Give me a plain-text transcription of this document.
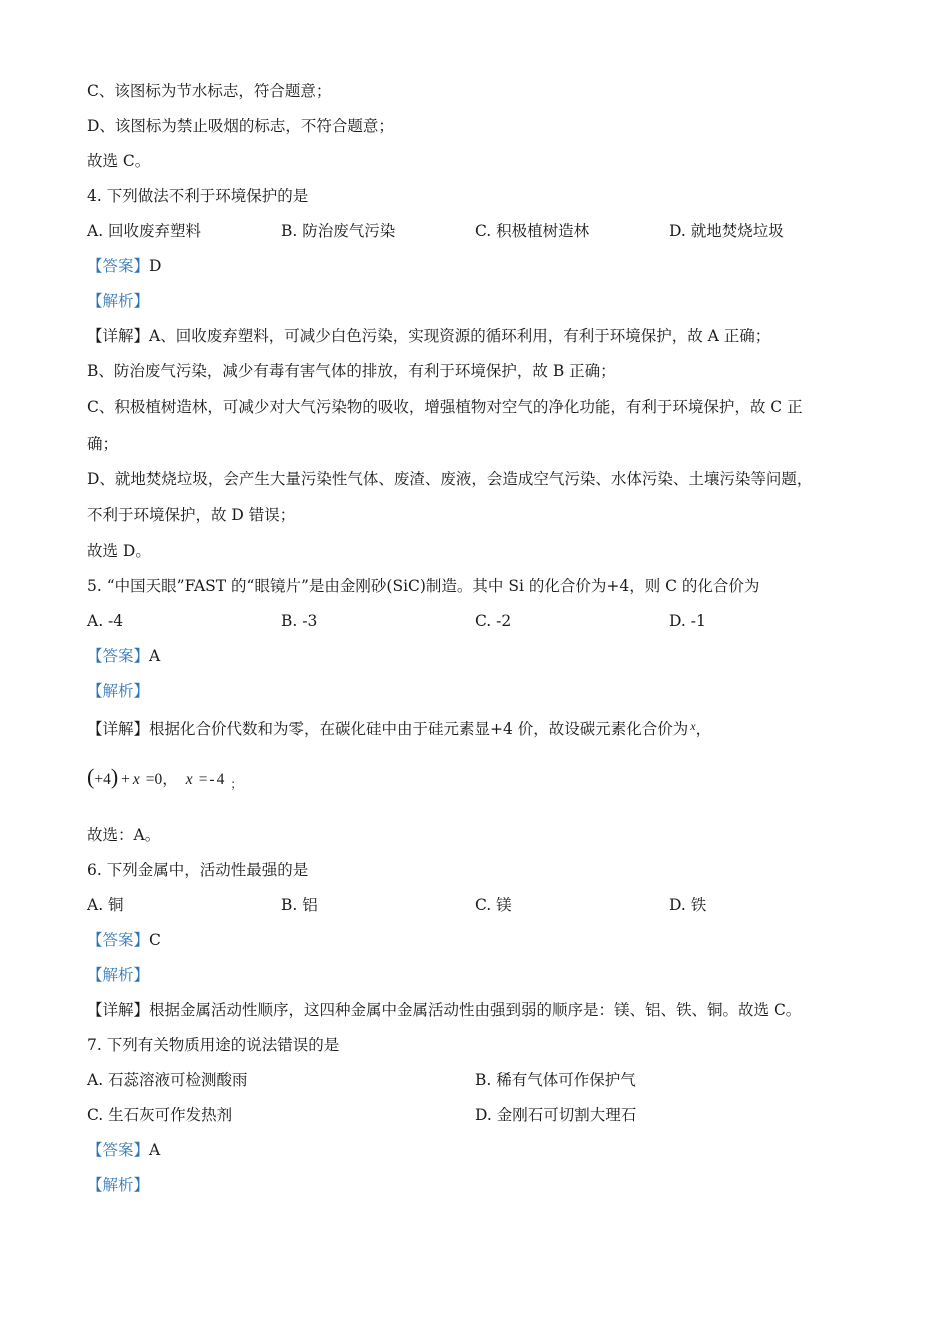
C、该图标为节水标志，符合题意；
D、该图标为禁止吸烟的标志，不符合题意；
故选 C。
4. 下列做法不利于环境保护的是
A. 回收废弃塑料	B. 防治废气污染	C. 积极植树造林	D. 就地焚烧垃圾
【答案】D
【解析】
【详解】A、回收废弃塑料，可减少白色污染，实现资源的循环利用，有利于环境保护，故 A 正确；
B、防治废气污染，减少有毒有害气体的排放，有利于环境保护，故 B 正确；
C、积极植树造林，可减少对大气污染物的吸收，增强植物对空气的净化功能，有利于环境保护，故 C 正
确；
D、就地焚烧垃圾，会产生大量污染性气体、废渣、废液，会造成空气污染、水体污染、土壤污染等问题，
不利于环境保护，故 D 错误；
故选 D。
5. “中国天眼”FAST 的“眼镜片”是由金刚砂(SiC)制造。其中 Si 的化合价为+4，则 C 的化合价为
A. -4	B. -3	C. -2	D. -1
【答案】A
【解析】
【详解】根据化合价代数和为零，在碳化硅中由于硅元素显+4 价，故设碳元素化合价为 $^x$，
(+4) + x =0， x =-4 $_;$
故选：A。
6. 下列金属中，活动性最强的是
A. 铜	B. 铝	C. 镁	D. 铁
【答案】C
【解析】
【详解】根据金属活动性顺序，这四种金属中金属活动性由强到弱的顺序是：镁、铝、铁、铜。故选 C。
7. 下列有关物质用途的说法错误的是
A. 石蕊溶液可检测酸雨	B. 稀有气体可作保护气
C. 生石灰可作发热剂	D. 金刚石可切割大理石
【答案】A
【解析】
